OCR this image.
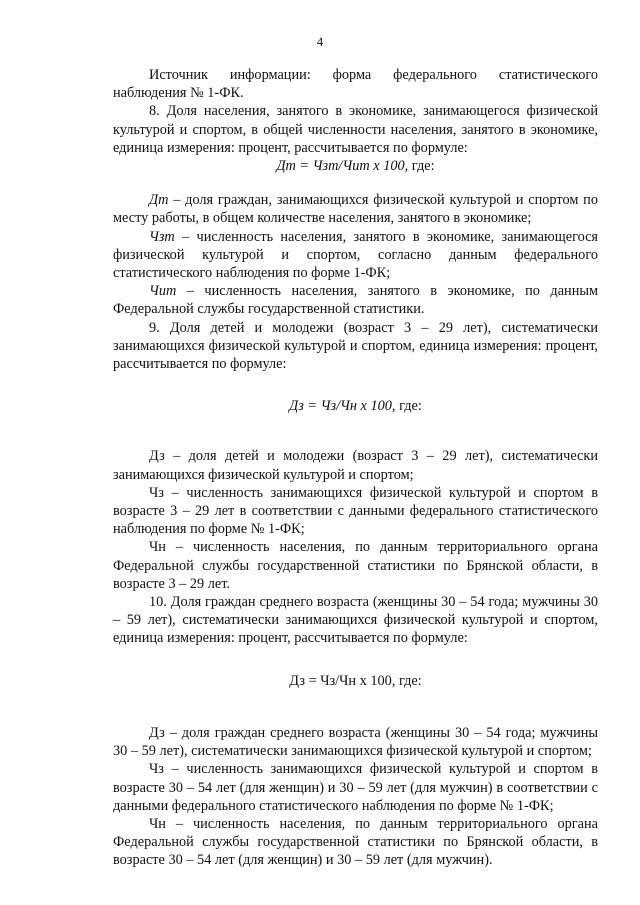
4

Источник информации: форма федерального статистического наблюдения № 1-ФК.

8. Доля населения, занятого в экономике, занимающегося физической культурой и спортом, в общей численности населения, занятого в экономике, единица измерения: процент, рассчитывается по формуле:

Дт = Чзт/Чит х 100, где:

Дт – доля граждан, занимающихся физической культурой и спортом по месту работы, в общем количестве населения, занятого в экономике;

Чзт – численность населения, занятого в экономике, занимающегося физической культурой и спортом, согласно данным федерального статистического наблюдения по форме 1-ФК;

Чит – численность населения, занятого в экономике, по данным Федеральной службы государственной статистики.

9. Доля детей и молодежи (возраст 3 – 29 лет), систематически занимающихся физической культурой и спортом, единица измерения: процент, рассчитывается по формуле:

Дз = Чз/Чн х 100, где:

Дз – доля детей и молодежи (возраст 3 – 29 лет), систематически занимающихся физической культурой и спортом;

Чз – численность занимающихся физической культурой и спортом в возрасте 3 – 29 лет в соответствии с данными федерального статистического наблюдения по форме № 1-ФК;

Чн – численность населения, по данным территориального органа Федеральной службы государственной статистики по Брянской области, в возрасте 3 – 29 лет.

10. Доля граждан среднего возраста (женщины 30 – 54 года; мужчины 30 – 59 лет), систематически занимающихся физической культурой и спортом, единица измерения: процент, рассчитывается по формуле:

Дз = Чз/Чн х 100, где:

Дз – доля граждан среднего возраста (женщины 30 – 54 года; мужчины 30 – 59 лет), систематически занимающихся физической культурой и спортом;

Чз – численность занимающихся физической культурой и спортом в возрасте 30 – 54 лет (для женщин) и 30 – 59 лет (для мужчин) в соответствии с данными федерального статистического наблюдения по форме № 1-ФК;

Чн – численность населения, по данным территориального органа Федеральной службы государственной статистики по Брянской области, в возрасте 30 – 54 лет (для женщин) и 30 – 59 лет (для мужчин).
